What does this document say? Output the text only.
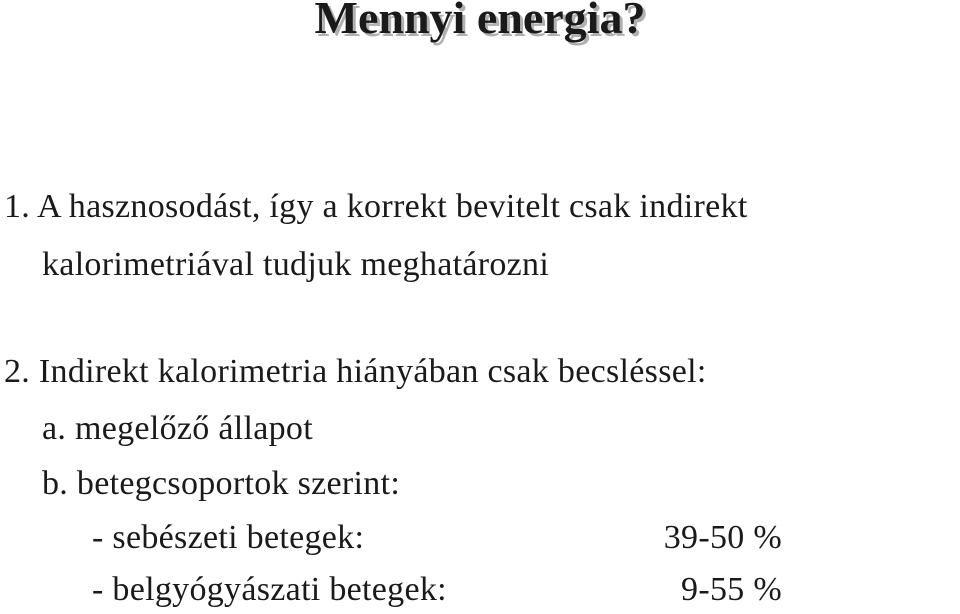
Mennyi energia?
1. A hasznosodást, így a korrekt bevitelt csak indirekt
kalorimetriával tudjuk meghatározni
2. Indirekt kalorimetria hiányában csak becsléssel:
a. megelőző állapot
b. betegcsoportok szerint:
- sebészeti betegek:	39-50 %
- belgyógyászati betegek:	9-55 %
